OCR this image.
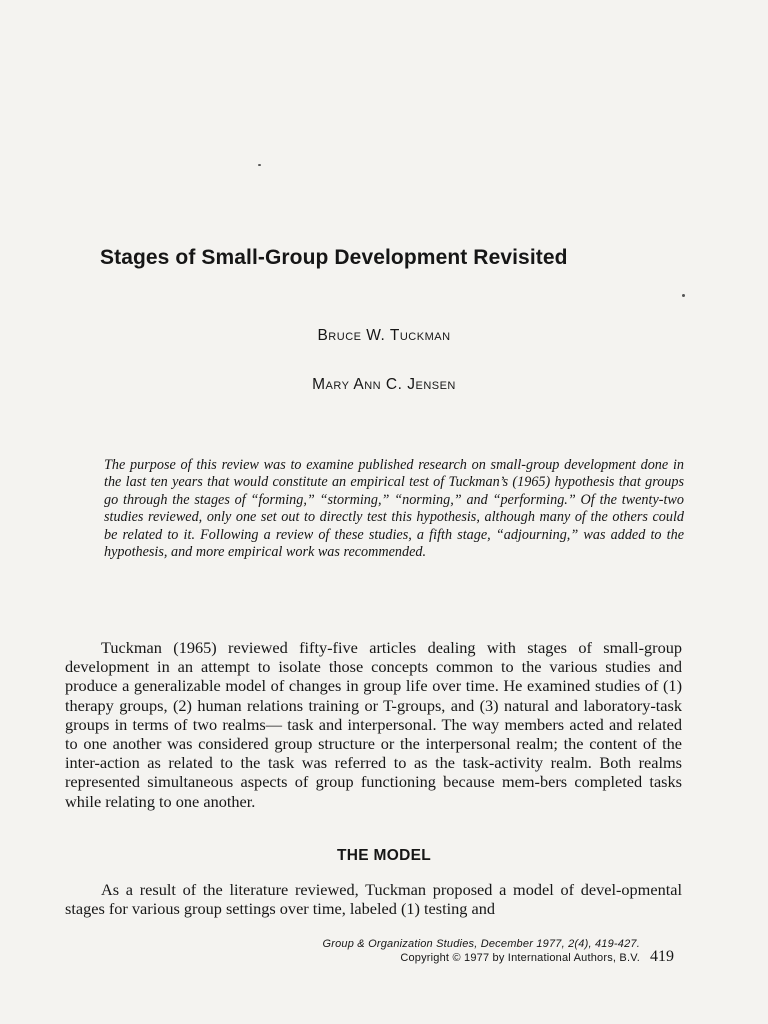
Stages of Small-Group Development Revisited
Bruce W. Tuckman
Mary Ann C. Jensen

The purpose of this review was to examine published research on small-group development done in the last ten years that would constitute an empirical test of Tuckman’s (1965) hypothesis that groups go through the stages of “forming,” “storming,” “norming,” and “performing.” Of the twenty-two studies reviewed, only one set out to directly test this hypothesis, although many of the others could be related to it. Following a review of these studies, a fifth stage, “adjourning,” was added to the hypothesis, and more empirical work was recommended.

Tuckman (1965) reviewed fifty-five articles dealing with stages of small-group development in an attempt to isolate those concepts common to the various studies and produce a generalizable model of changes in group life over time. He examined studies of (1) therapy groups, (2) human relations training or T-groups, and (3) natural and laboratory-task groups in terms of two realms— task and interpersonal. The way members acted and related to one another was considered group structure or the interpersonal realm; the content of the inter-action as related to the task was referred to as the task-activity realm. Both realms represented simultaneous aspects of group functioning because mem-bers completed tasks while relating to one another.

THE MODEL

As a result of the literature reviewed, Tuckman proposed a model of devel-opmental stages for various group settings over time, labeled (1) testing and

Group & Organization Studies, December 1977, 2(4), 419-427.
Copyright © 1977 by International Authors, B.V. 419
